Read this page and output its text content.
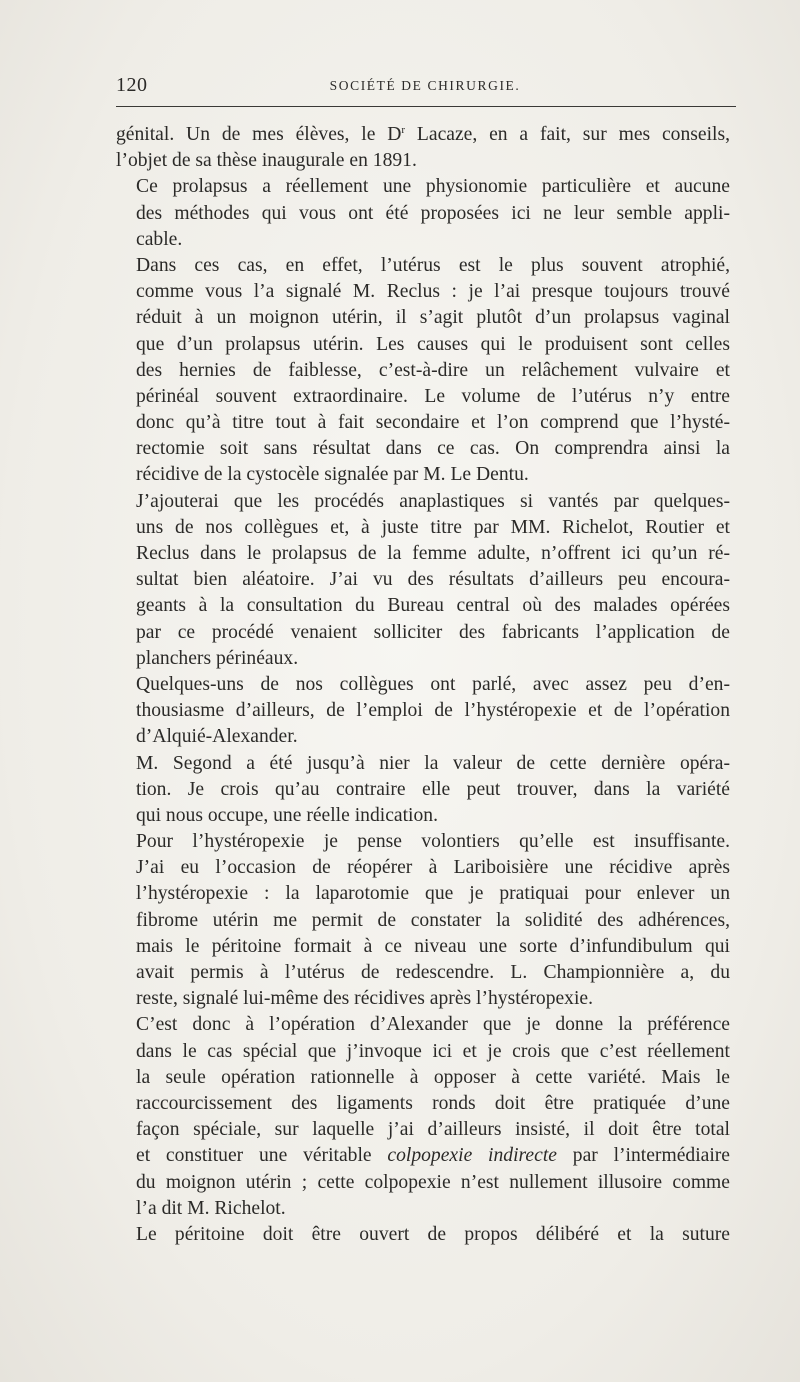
120	SOCIÉTÉ DE CHIRURGIE.

génital. Un de mes élèves, le $D^r$ Lacaze, en a fait, sur mes conseils,
l’objet de sa thèse inaugurale en 1891.

Ce prolapsus a réellement une physionomie particulière et aucune
des méthodes qui vous ont été proposées ici ne leur semble appli-
cable.

Dans ces cas, en effet, l’utérus est le plus souvent atrophié,
comme vous l’a signalé M. Reclus : je l’ai presque toujours trouvé
réduit à un moignon utérin, il s’agit plutôt d’un prolapsus vaginal
que d’un prolapsus utérin. Les causes qui le produisent sont celles
des hernies de faiblesse, c’est-à-dire un relâchement vulvaire et
périnéal souvent extraordinaire. Le volume de l’utérus n’y entre
donc qu’à titre tout à fait secondaire et l’on comprend que l’hysté-
rectomie soit sans résultat dans ce cas. On comprendra ainsi la
récidive de la cystocèle signalée par M. Le Dentu.

J’ajouterai que les procédés anaplastiques si vantés par quelques-
uns de nos collègues et, à juste titre par MM. Richelot, Routier et
Reclus dans le prolapsus de la femme adulte, n’offrent ici qu’un ré-
sultat bien aléatoire. J’ai vu des résultats d’ailleurs peu encoura-
geants à la consultation du Bureau central où des malades opérées
par ce procédé venaient solliciter des fabricants l’application de
planchers périnéaux.

Quelques-uns de nos collègues ont parlé, avec assez peu d’en-
thousiasme d’ailleurs, de l’emploi de l’hystéropexie et de l’opération
d’Alquié-Alexander.

M. Segond a été jusqu’à nier la valeur de cette dernière opéra-
tion. Je crois qu’au contraire elle peut trouver, dans la variété
qui nous occupe, une réelle indication.

Pour l’hystéropexie je pense volontiers qu’elle est insuffisante.
J’ai eu l’occasion de réopérer à Lariboisière une récidive après
l’hystéropexie : la laparotomie que je pratiquai pour enlever un
fibrome utérin me permit de constater la solidité des adhérences,
mais le péritoine formait à ce niveau une sorte d’infundibulum qui
avait permis à l’utérus de redescendre. L. Championnière a, du
reste, signalé lui-même des récidives après l’hystéropexie.

C’est donc à l’opération d’Alexander que je donne la préférence
dans le cas spécial que j’invoque ici et je crois que c’est réellement
la seule opération rationnelle à opposer à cette variété. Mais le
raccourcissement des ligaments ronds doit être pratiquée d’une
façon spéciale, sur laquelle j’ai d’ailleurs insisté, il doit être total
et constituer une véritable colpopexie indirecte par l’intermédiaire
du moignon utérin ; cette colpopexie n’est nullement illusoire comme
l’a dit M. Richelot.

Le péritoine doit être ouvert de propos délibéré et la suture
